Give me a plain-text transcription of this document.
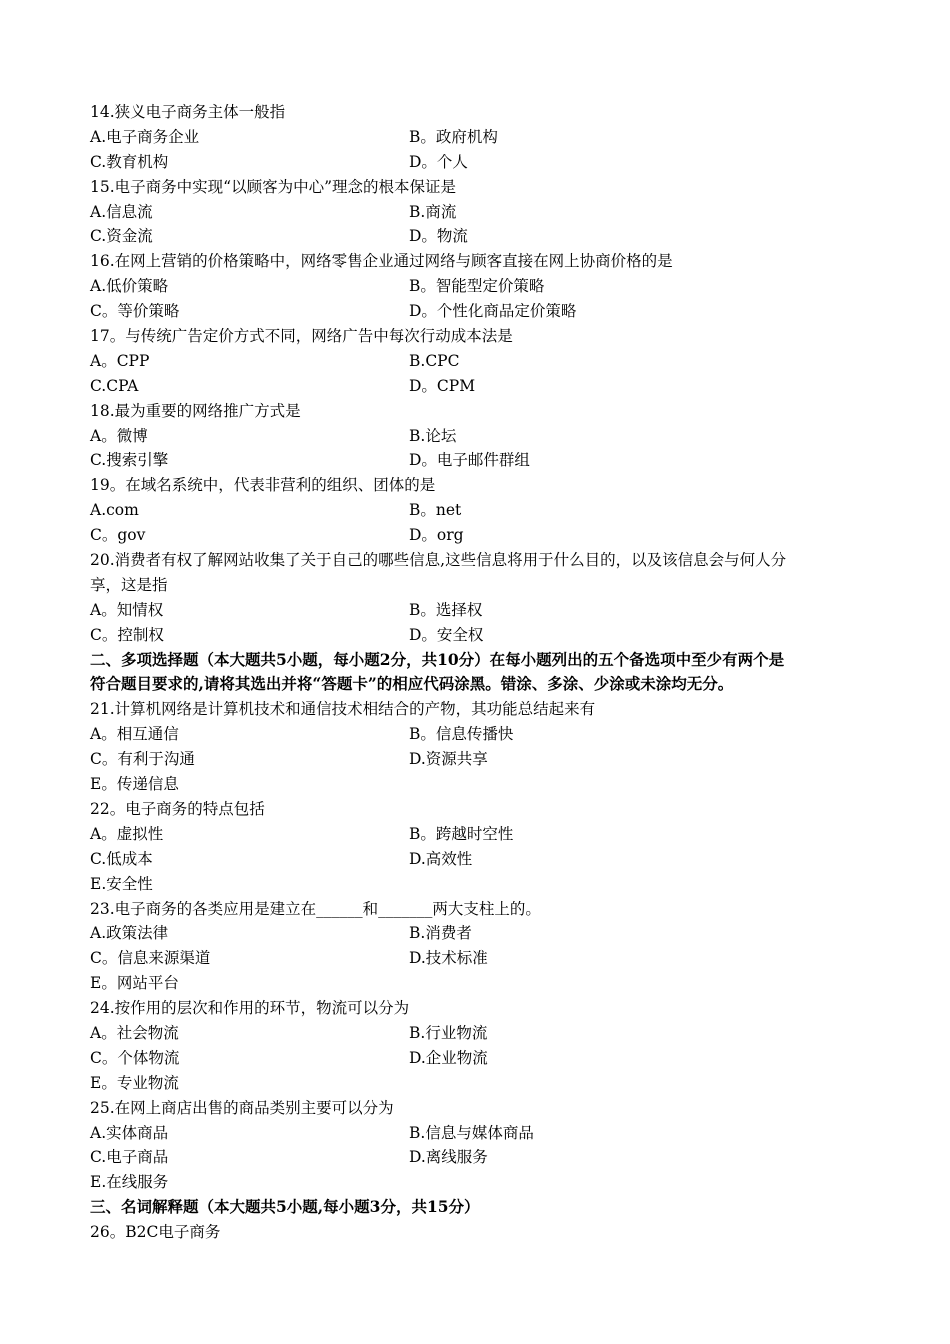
14.狭义电子商务主体一般指
A.电子商务企业	B。政府机构
C.教育机构	D。个人
15.电子商务中实现“以顾客为中心”理念的根本保证是
A.信息流	B.商流
C.资金流	D。物流
16.在网上营销的价格策略中，网络零售企业通过网络与顾客直接在网上协商价格的是
A.低价策略	B。智能型定价策略
C。等价策略	D。个性化商品定价策略
17。与传统广告定价方式不同，网络广告中每次行动成本法是
A。CPP	B.CPC
C.CPA	D。CPM
18.最为重要的网络推广方式是
A。微博	B.论坛
C.搜索引擎	D。电子邮件群组
19。在域名系统中，代表非营利的组织、团体的是
A.com	B。net
C。gov	D。org
20.消费者有权了解网站收集了关于自己的哪些信息,这些信息将用于什么目的，以及该信息会与何人分
享，这是指
A。知情权	B。选择权
C。控制权	D。安全权
二、多项选择题（本大题共5小题，每小题2分，共10分）在每小题列出的五个备选项中至少有两个是
符合题目要求的,请将其选出并将“答题卡”的相应代码涂黑。错涂、多涂、少涂或未涂均无分。
21.计算机网络是计算机技术和通信技术相结合的产物，其功能总结起来有
A。相互通信	B。信息传播快
C。有利于沟通	D.资源共享
E。传递信息
22。电子商务的特点包括
A。虚拟性	B。跨越时空性
C.低成本	D.高效性
E.安全性
23.电子商务的各类应用是建立在______和_______两大支柱上的。
A.政策法律	B.消费者
C。信息来源渠道	D.技术标准
E。网站平台
24.按作用的层次和作用的环节，物流可以分为
A。社会物流	B.行业物流
C。个体物流	D.企业物流
E。专业物流
25.在网上商店出售的商品类别主要可以分为
A.实体商品	B.信息与媒体商品
C.电子商品	D.离线服务
E.在线服务
三、名词解释题（本大题共5小题,每小题3分，共15分）
26。B2C电子商务
